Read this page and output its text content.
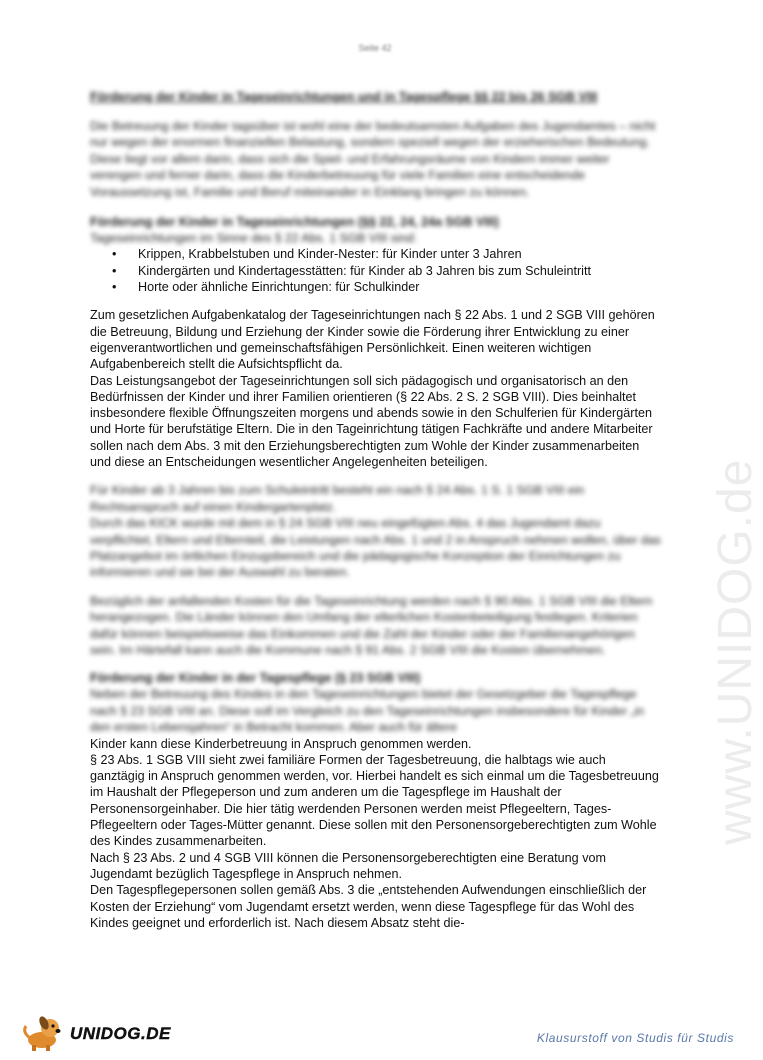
Seite 42
Förderung der Kinder in Tageseinrichtungen und in Tagespflege §§ 22 bis 26 SGB VIII
Die Betreuung der Kinder tagsüber ist wohl eine der bedeutsamsten Aufgaben des Jugendamtes – nicht nur wegen der enormen finanziellen Belastung, sondern speziell wegen der erzieherischen Bedeutung. Diese liegt vor allem darin, dass sich die Spiel- und Erfahrungsräume von Kindern immer weiter verengen und ferner darin, dass die Kinderbetreuung für viele Familien eine entscheidende Voraussetzung ist, Familie und Beruf miteinander in Einklang bringen zu können.
Förderung der Kinder in Tageseinrichtungen (§§ 22, 24, 24a SGB VIII)
Tageseinrichtungen im Sinne des § 22 Abs. 1 SGB VIII sind:
• Krippen, Krabbelstuben und Kinder-Nester: für Kinder unter 3 Jahren
• Kindergärten und Kindertagesstätten: für Kinder ab 3 Jahren bis zum Schuleintritt
• Horte oder ähnliche Einrichtungen: für Schulkinder
Zum gesetzlichen Aufgabenkatalog der Tageseinrichtungen nach § 22 Abs. 1 und 2 SGB VIII gehören die Betreuung, Bildung und Erziehung der Kinder sowie die Förderung ihrer Entwicklung zu einer eigenverantwortlichen und gemeinschaftsfähigen Persönlichkeit. Einen weiteren wichtigen Aufgabenbereich stellt die Aufsichtspflicht da.
Das Leistungsangebot der Tageseinrichtungen soll sich pädagogisch und organisatorisch an den Bedürfnissen der Kinder und ihrer Familien orientieren (§ 22 Abs. 2 S. 2 SGB VIII). Dies beinhaltet insbesondere flexible Öffnungszeiten morgens und abends sowie in den Schulferien für Kindergärten und Horte für berufstätige Eltern. Die in den Tageinrichtung tätigen Fachkräfte und andere Mitarbeiter sollen nach dem Abs. 3 mit den Erziehungsberechtigten zum Wohle der Kinder zusammenarbeiten und diese an Entscheidungen wesentlicher Angelegenheiten beteiligen.
Für Kinder ab 3 Jahren bis zum Schuleintritt besteht ein nach § 24 Abs. 1 S. 1 SGB VIII ein Rechtsanspruch auf einen Kindergartenplatz.
Durch das KICK wurde mit dem in § 24 SGB VIII neu eingefügten Abs. 4 das Jugendamt dazu verpflichtet, Eltern und Elternteil, die Leistungen nach Abs. 1 und 2 in Anspruch nehmen wollen, über das Platzangebot im örtlichen Einzugsbereich und die pädagogische Konzeption der Einrichtungen zu informieren und sie bei der Auswahl zu beraten.
Bezüglich der anfallenden Kosten für die Tageseinrichtung werden nach § 90 Abs. 1 SGB VIII die Eltern herangezogen. Die Länder können den Umfang der elterlichen Kostenbeteiligung festlegen. Kriterien dafür können beispielsweise das Einkommen und die Zahl der Kinder oder der Familienangehörigen sein. Im Härtefall kann auch die Kommune nach § 91 Abs. 2 SGB VIII die Kosten übernehmen.
Förderung der Kinder in der Tagespflege (§ 23 SGB VIII)
Neben der Betreuung des Kindes in den Tageseinrichtungen bietet der Gesetzgeber die Tagespflege nach § 23 SGB VIII an. Diese soll im Vergleich zu den Tageseinrichtungen insbesondere für Kinder „in den ersten Lebensjahren“ in Betracht kommen. Aber auch für ältere
Kinder kann diese Kinderbetreuung in Anspruch genommen werden.
§ 23 Abs. 1 SGB VIII sieht zwei familiäre Formen der Tagesbetreuung, die halbtags wie auch ganztägig in Anspruch genommen werden, vor. Hierbei handelt es sich einmal um die Tagesbetreuung im Haushalt der Pflegeperson und zum anderen um die Tagespflege im Haushalt der Personensorgeinhaber. Die hier tätig werdenden Personen werden meist Pflegeeltern, Tages-Pflegeeltern oder Tages-Mütter genannt. Diese sollen mit den Personensorgeberechtigten zum Wohle des Kindes zusammenarbeiten.
Nach § 23 Abs. 2 und 4 SGB VIII können die Personensorgeberechtigten eine Beratung vom Jugendamt bezüglich Tagespflege in Anspruch nehmen.
Den Tagespflegepersonen sollen gemäß Abs. 3 die „entstehenden Aufwendungen einschließlich der Kosten der Erziehung“ vom Jugendamt ersetzt werden, wenn diese Tagespflege für das Wohl des Kindes geeignet und erforderlich ist. Nach diesem Absatz steht die-
www.UNIDOG.de
UNIDOG.DE	Klausurstoff von Studis für Studis
